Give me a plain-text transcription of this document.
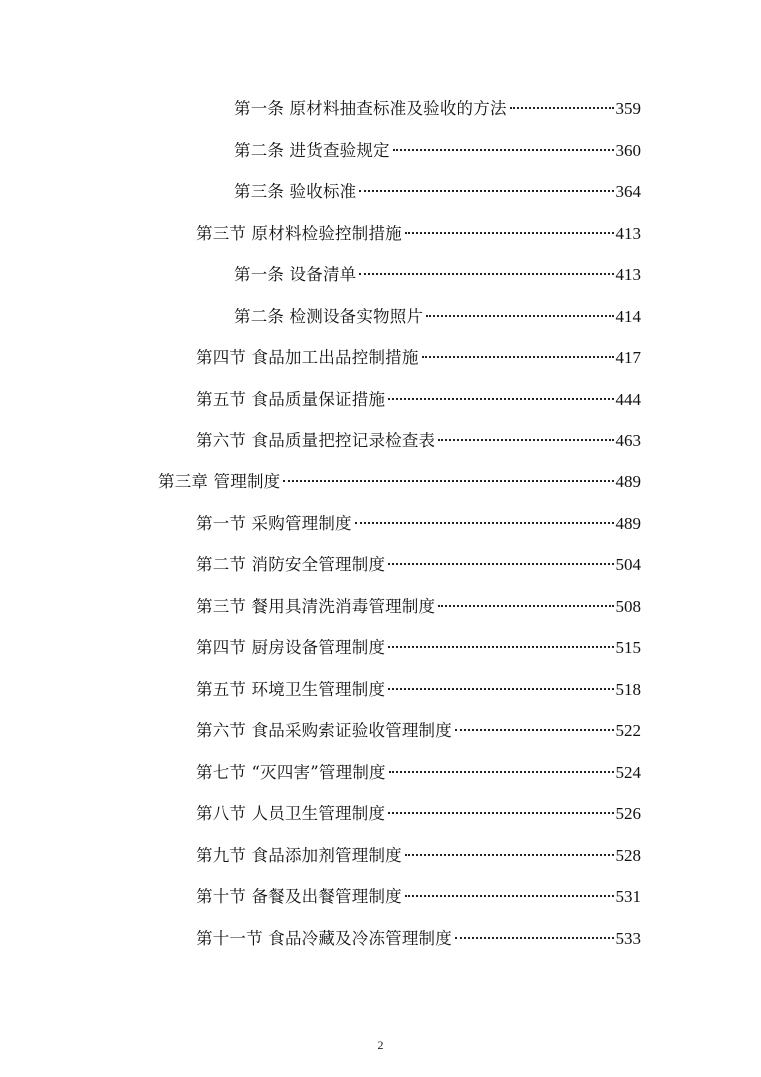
第一条 原材料抽查标准及验收的方法	359
第二条 进货查验规定	360
第三条 验收标准	364
第三节 原材料检验控制措施	413
第一条 设备清单	413
第二条 检测设备实物照片	414
第四节 食品加工出品控制措施	417
第五节 食品质量保证措施	444
第六节 食品质量把控记录检查表	463
第三章 管理制度	489
第一节 采购管理制度	489
第二节 消防安全管理制度	504
第三节 餐用具清洗消毒管理制度	508
第四节 厨房设备管理制度	515
第五节 环境卫生管理制度	518
第六节 食品采购索证验收管理制度	522
第七节 “灭四害”管理制度	524
第八节 人员卫生管理制度	526
第九节 食品添加剂管理制度	528
第十节 备餐及出餐管理制度	531
第十一节 食品冷藏及冷冻管理制度	533
2
